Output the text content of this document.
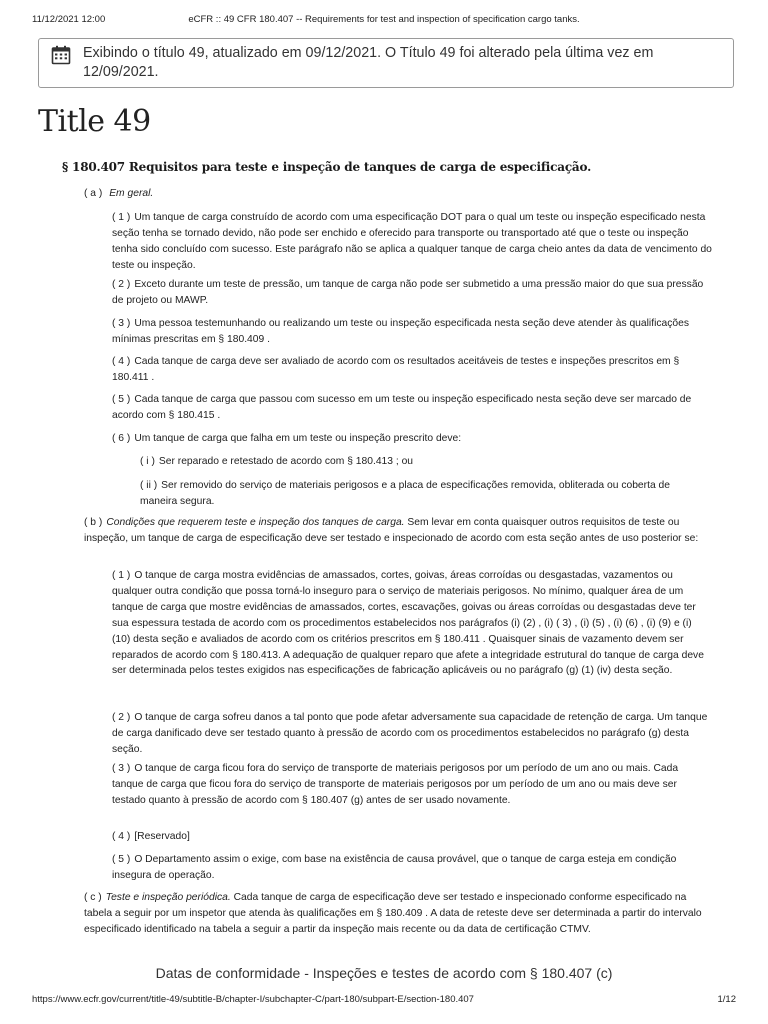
11/12/2021 12:00	eCFR :: 49 CFR 180.407 -- Requirements for test and inspection of specification cargo tanks.
Exibindo o título 49, atualizado em 09/12/2021. O Título 49 foi alterado pela última vez em 12/09/2021.
Title 49
§ 180.407 Requisitos para teste e inspeção de tanques de carga de especificação.
( a ) Em geral.
( 1 ) Um tanque de carga construído de acordo com uma especificação DOT para o qual um teste ou inspeção especificado nesta seção tenha se tornado devido, não pode ser enchido e oferecido para transporte ou transportado até que o teste ou inspeção tenha sido concluído com sucesso. Este parágrafo não se aplica a qualquer tanque de carga cheio antes da data de vencimento do teste ou inspeção.
( 2 ) Exceto durante um teste de pressão, um tanque de carga não pode ser submetido a uma pressão maior do que sua pressão de projeto ou MAWP.
( 3 ) Uma pessoa testemunhando ou realizando um teste ou inspeção especificada nesta seção deve atender às qualificações mínimas prescritas em § 180.409 .
( 4 ) Cada tanque de carga deve ser avaliado de acordo com os resultados aceitáveis de testes e inspeções prescritos em § 180.411 .
( 5 ) Cada tanque de carga que passou com sucesso em um teste ou inspeção especificado nesta seção deve ser marcado de acordo com § 180.415 .
( 6 ) Um tanque de carga que falha em um teste ou inspeção prescrito deve:
( i ) Ser reparado e retestado de acordo com § 180.413 ; ou
( ii ) Ser removido do serviço de materiais perigosos e a placa de especificações removida, obliterada ou coberta de maneira segura.
( b ) Condições que requerem teste e inspeção dos tanques de carga. Sem levar em conta quaisquer outros requisitos de teste ou inspeção, um tanque de carga de especificação deve ser testado e inspecionado de acordo com esta seção antes de uso posterior se:
( 1 ) O tanque de carga mostra evidências de amassados, cortes, goivas, áreas corroídas ou desgastadas, vazamentos ou qualquer outra condição que possa torná-lo inseguro para o serviço de materiais perigosos. No mínimo, qualquer área de um tanque de carga que mostre evidências de amassados, cortes, escavações, goivas ou áreas corroídas ou desgastadas deve ter sua espessura testada de acordo com os procedimentos estabelecidos nos parágrafos (i) (2) , (i) ( 3) , (i) (5) , (i) (6) , (i) (9) e (i) (10) desta seção e avaliados de acordo com os critérios prescritos em § 180.411 . Quaisquer sinais de vazamento devem ser reparados de acordo com § 180.413. A adequação de qualquer reparo que afete a integridade estrutural do tanque de carga deve ser determinada pelos testes exigidos nas especificações de fabricação aplicáveis ou no parágrafo (g) (1) (iv) desta seção.
( 2 ) O tanque de carga sofreu danos a tal ponto que pode afetar adversamente sua capacidade de retenção de carga. Um tanque de carga danificado deve ser testado quanto à pressão de acordo com os procedimentos estabelecidos no parágrafo (g) desta seção.
( 3 ) O tanque de carga ficou fora do serviço de transporte de materiais perigosos por um período de um ano ou mais. Cada tanque de carga que ficou fora do serviço de transporte de materiais perigosos por um período de um ano ou mais deve ser testado quanto à pressão de acordo com § 180.407 (g) antes de ser usado novamente.
( 4 ) [Reservado]
( 5 ) O Departamento assim o exige, com base na existência de causa provável, que o tanque de carga esteja em condição insegura de operação.
( c ) Teste e inspeção periódica. Cada tanque de carga de especificação deve ser testado e inspecionado conforme especificado na tabela a seguir por um inspetor que atenda às qualificações em § 180.409 . A data de reteste deve ser determinada a partir do intervalo especificado identificado na tabela a seguir a partir da inspeção mais recente ou da data de certificação CTMV.
Datas de conformidade - Inspeções e testes de acordo com § 180.407 (c)
https://www.ecfr.gov/current/title-49/subtitle-B/chapter-I/subchapter-C/part-180/subpart-E/section-180.407	1/12
